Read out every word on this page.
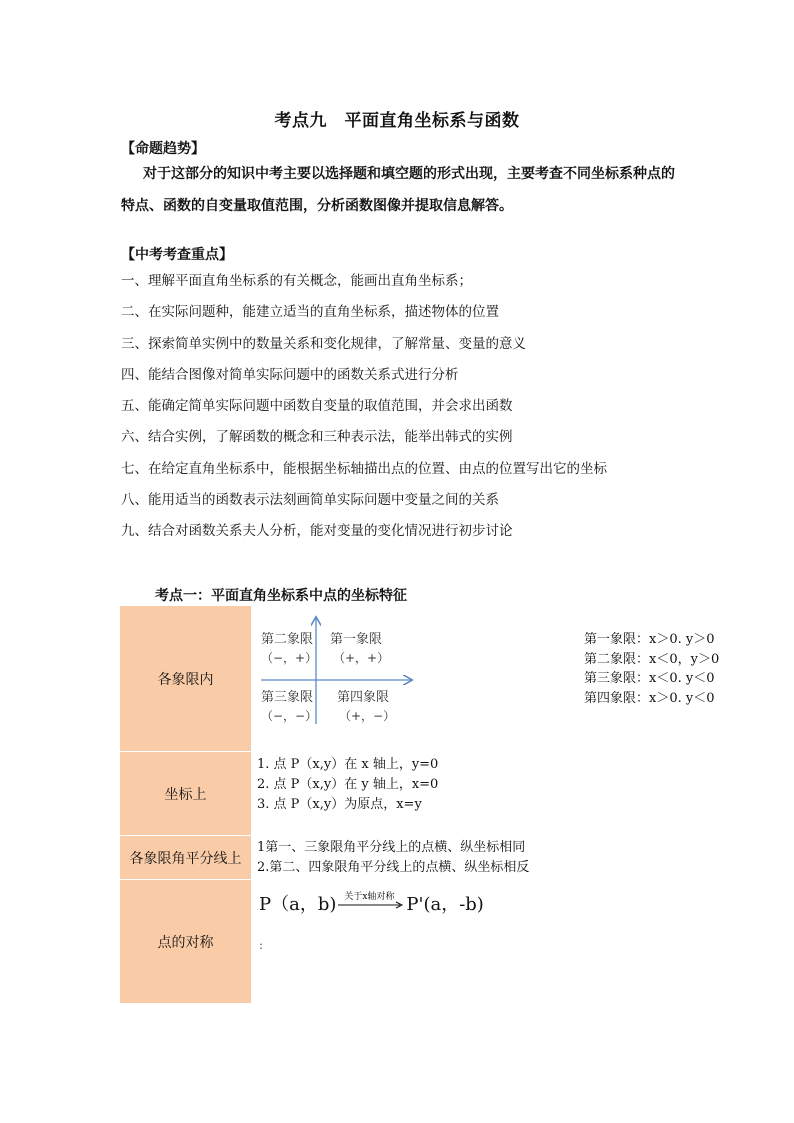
考点九　平面直角坐标系与函数
【命题趋势】
对于这部分的知识中考主要以选择题和填空题的形式出现，主要考查不同坐标系种点的
特点、函数的自变量取值范围，分析函数图像并提取信息解答。
【中考考查重点】
一、理解平面直角坐标系的有关概念，能画出直角坐标系；
二、在实际问题种，能建立适当的直角坐标系，描述物体的位置
三、探索简单实例中的数量关系和变化规律，了解常量、变量的意义
四、能结合图像对简单实际问题中的函数关系式进行分析
五、能确定简单实际问题中函数自变量的取值范围，并会求出函数
六、结合实例，了解函数的概念和三种表示法，能举出韩式的实例
七、在给定直角坐标系中，能根据坐标轴描出点的位置、由点的位置写出它的坐标
八、能用适当的函数表示法刻画简单实际问题中变量之间的关系
九、结合对函数关系夫人分析，能对变量的变化情况进行初步讨论
考点一：平面直角坐标系中点的坐标特征
各象限内
第二象限
（−，+）
第一象限
（+，+）
第三象限
（−，−）
第四象限
（+，−）
第一象限：x＞0. y＞0
第二象限：x＜0，y＞0
第三象限：x＜0. y＜0
第四象限：x＞0. y＜0
坐标上
1. 点 P（x,y）在 x 轴上，y=0
2. 点 P（x,y）在 y 轴上，x=0
3. 点 P（x,y）为原点，x=y
各象限角平分线上
1第一、三象限角平分线上的点横、纵坐标相同
2.第二、四象限角平分线上的点横、纵坐标相反
点的对称
P（a，b) 关于x轴对称 P'(a，-b)
:
